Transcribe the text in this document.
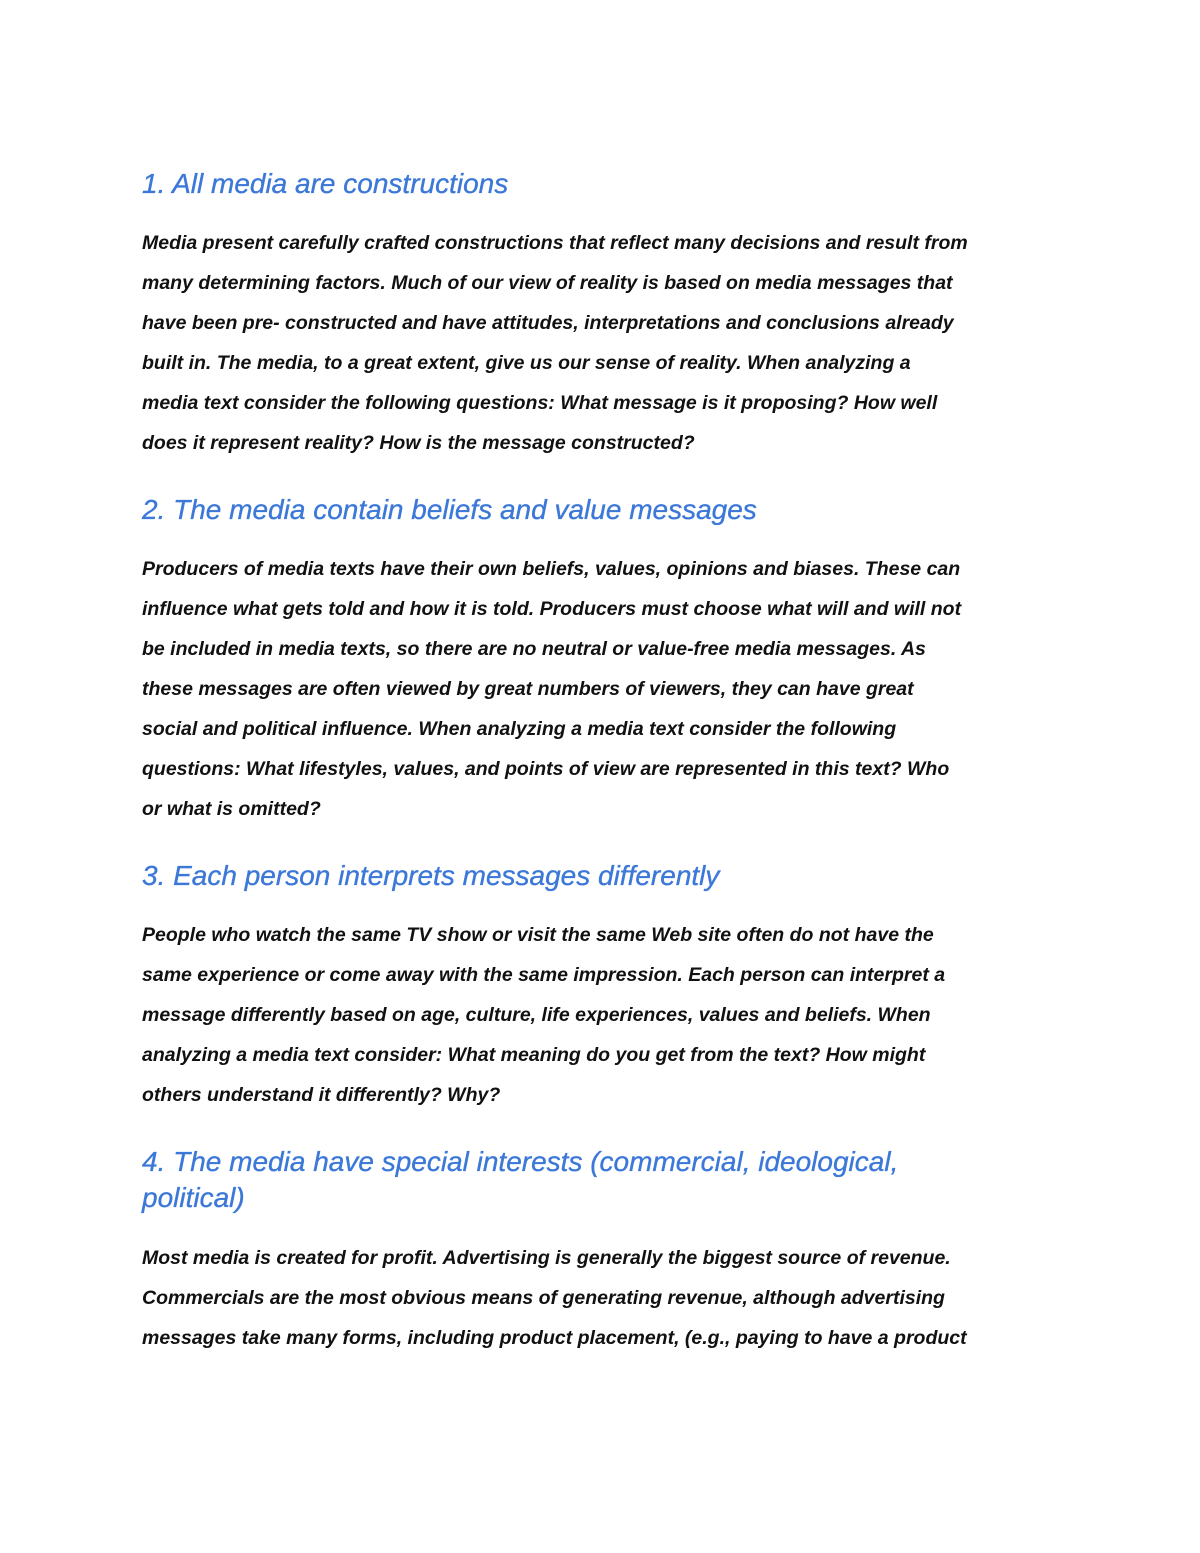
1. All media are constructions

Media present carefully crafted constructions that reflect many decisions and result from
many determining factors. Much of our view of reality is based on media messages that
have been pre- constructed and have attitudes, interpretations and conclusions already
built in. The media, to a great extent, give us our sense of reality. When analyzing a
media text consider the following questions: What message is it proposing? How well
does it represent reality? How is the message constructed?

2. The media contain beliefs and value messages

Producers of media texts have their own beliefs, values, opinions and biases. These can
influence what gets told and how it is told. Producers must choose what will and will not
be included in media texts, so there are no neutral or value-free media messages. As
these messages are often viewed by great numbers of viewers, they can have great
social and political influence. When analyzing a media text consider the following
questions: What lifestyles, values, and points of view are represented in this text? Who
or what is omitted?

3. Each person interprets messages differently

People who watch the same TV show or visit the same Web site often do not have the
same experience or come away with the same impression. Each person can interpret a
message differently based on age, culture, life experiences, values and beliefs. When
analyzing a media text consider: What meaning do you get from the text? How might
others understand it differently? Why?

4. The media have special interests (commercial, ideological,
political)

Most media is created for profit. Advertising is generally the biggest source of revenue.
Commercials are the most obvious means of generating revenue, although advertising
messages take many forms, including product placement, (e.g., paying to have a product
